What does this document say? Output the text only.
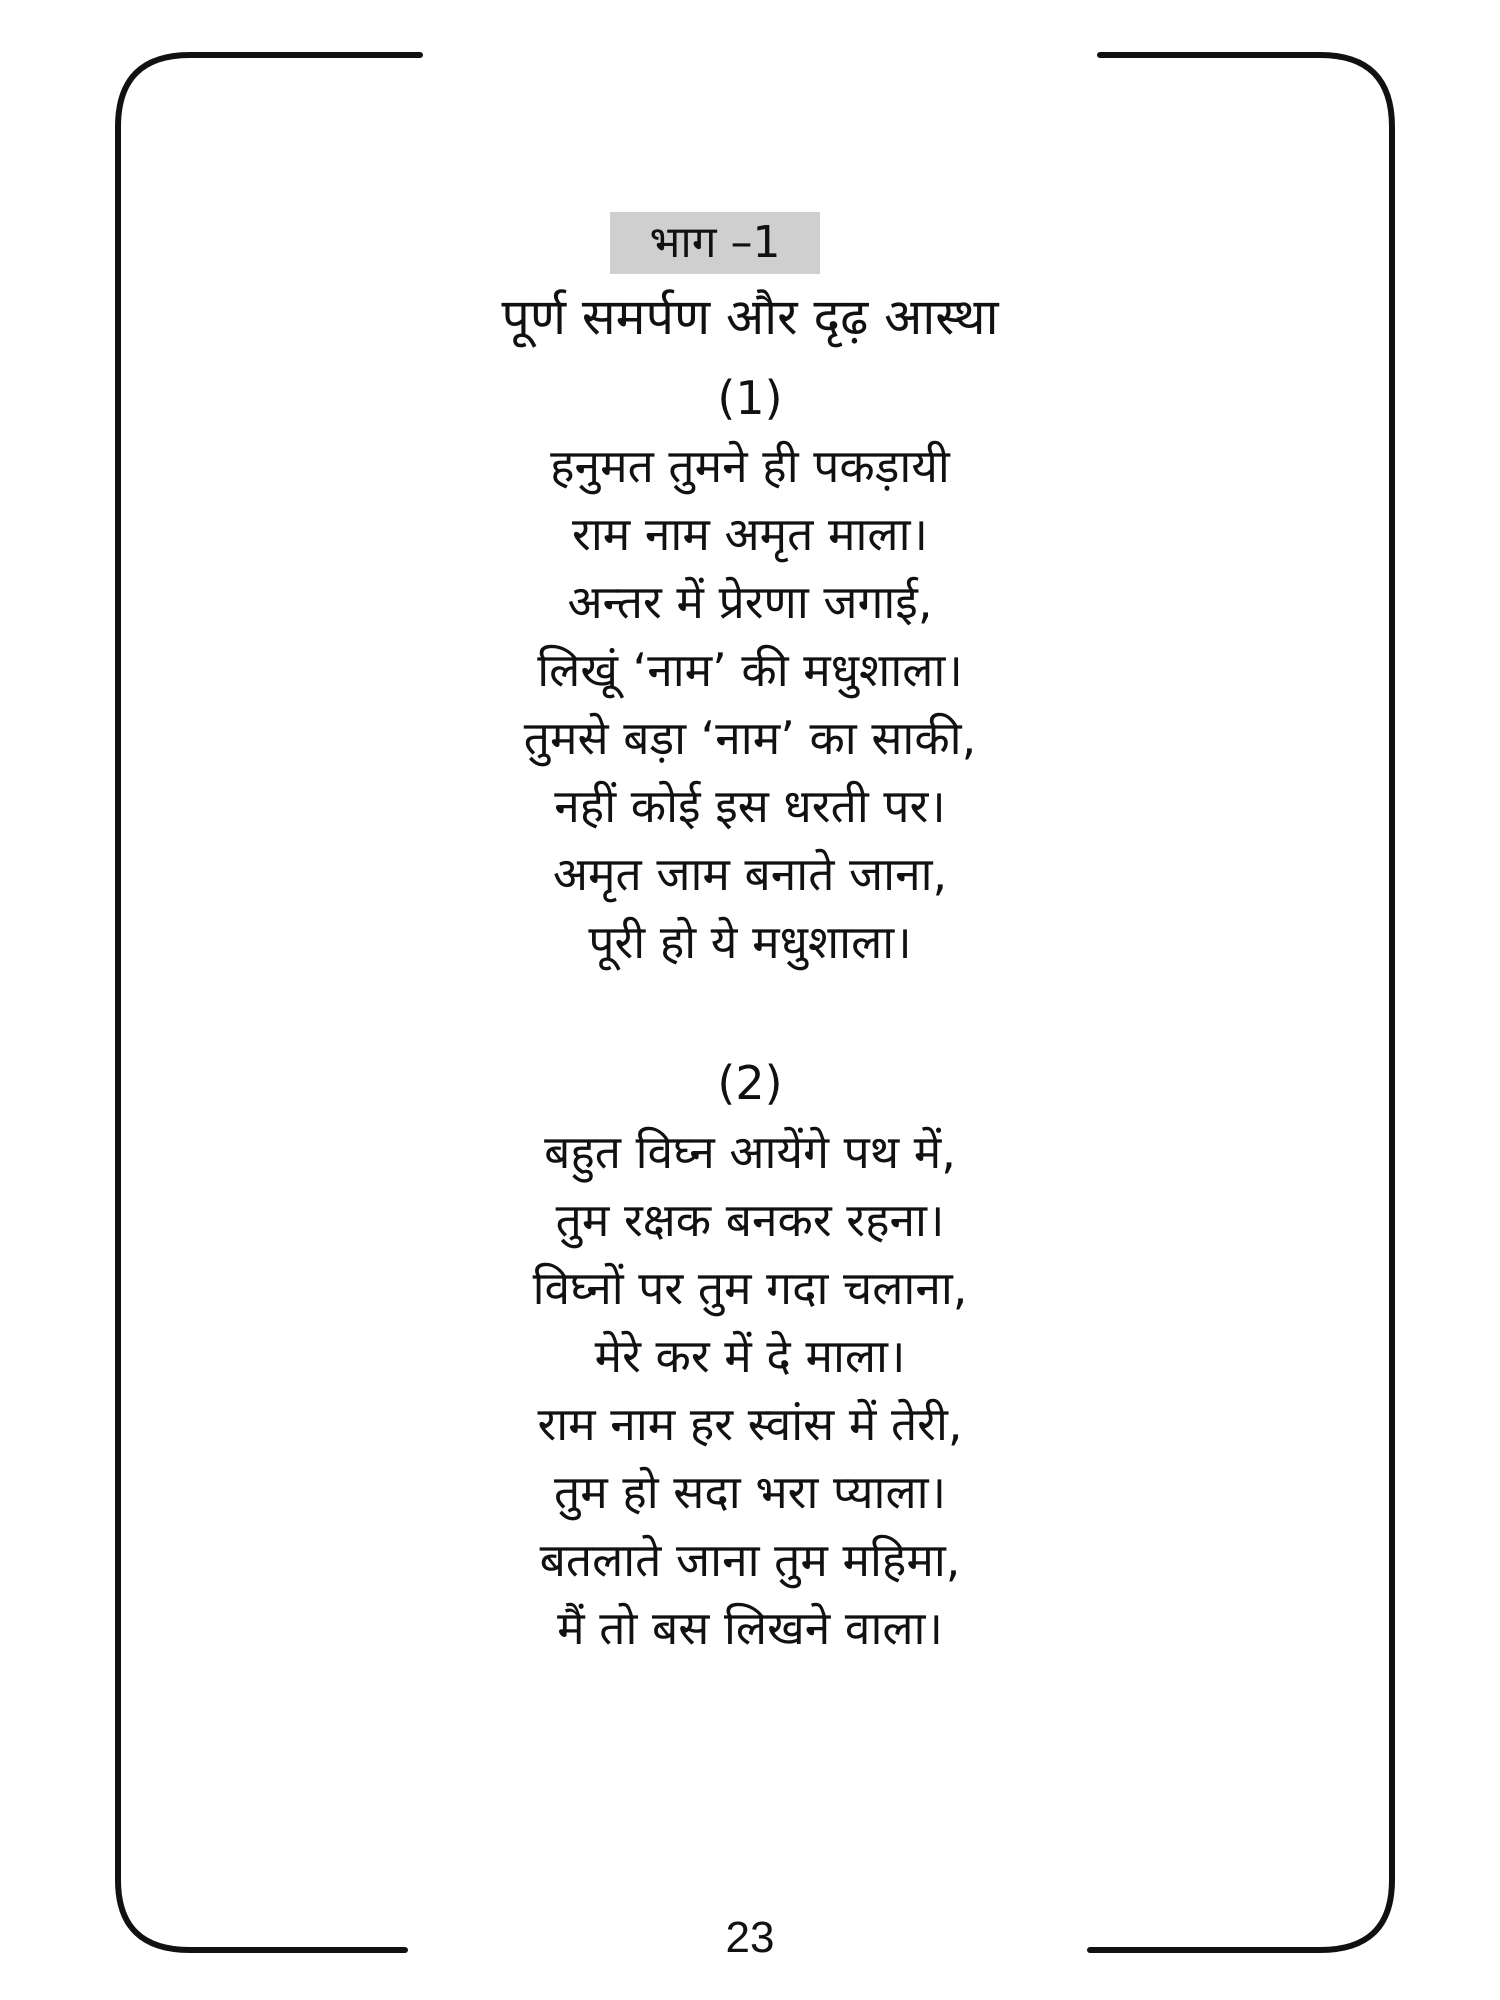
भाग –1
पूर्ण समर्पण और दृढ़ आस्था
(1)
हनुमत तुमने ही पकड़ायी
राम नाम अमृत माला।
अन्तर में प्रेरणा जगाई,
लिखूं ‘नाम’ की मधुशाला।
तुमसे बड़ा ‘नाम’ का साकी,
नहीं कोई इस धरती पर।
अमृत जाम बनाते जाना,
पूरी हो ये मधुशाला।
(2)
बहुत विघ्न आयेंगे पथ में,
तुम रक्षक बनकर रहना।
विघ्नों पर तुम गदा चलाना,
मेरे कर में दे माला।
राम नाम हर स्वांस में तेरी,
तुम हो सदा भरा प्याला।
बतलाते जाना तुम महिमा,
मैं तो बस लिखने वाला।
23
